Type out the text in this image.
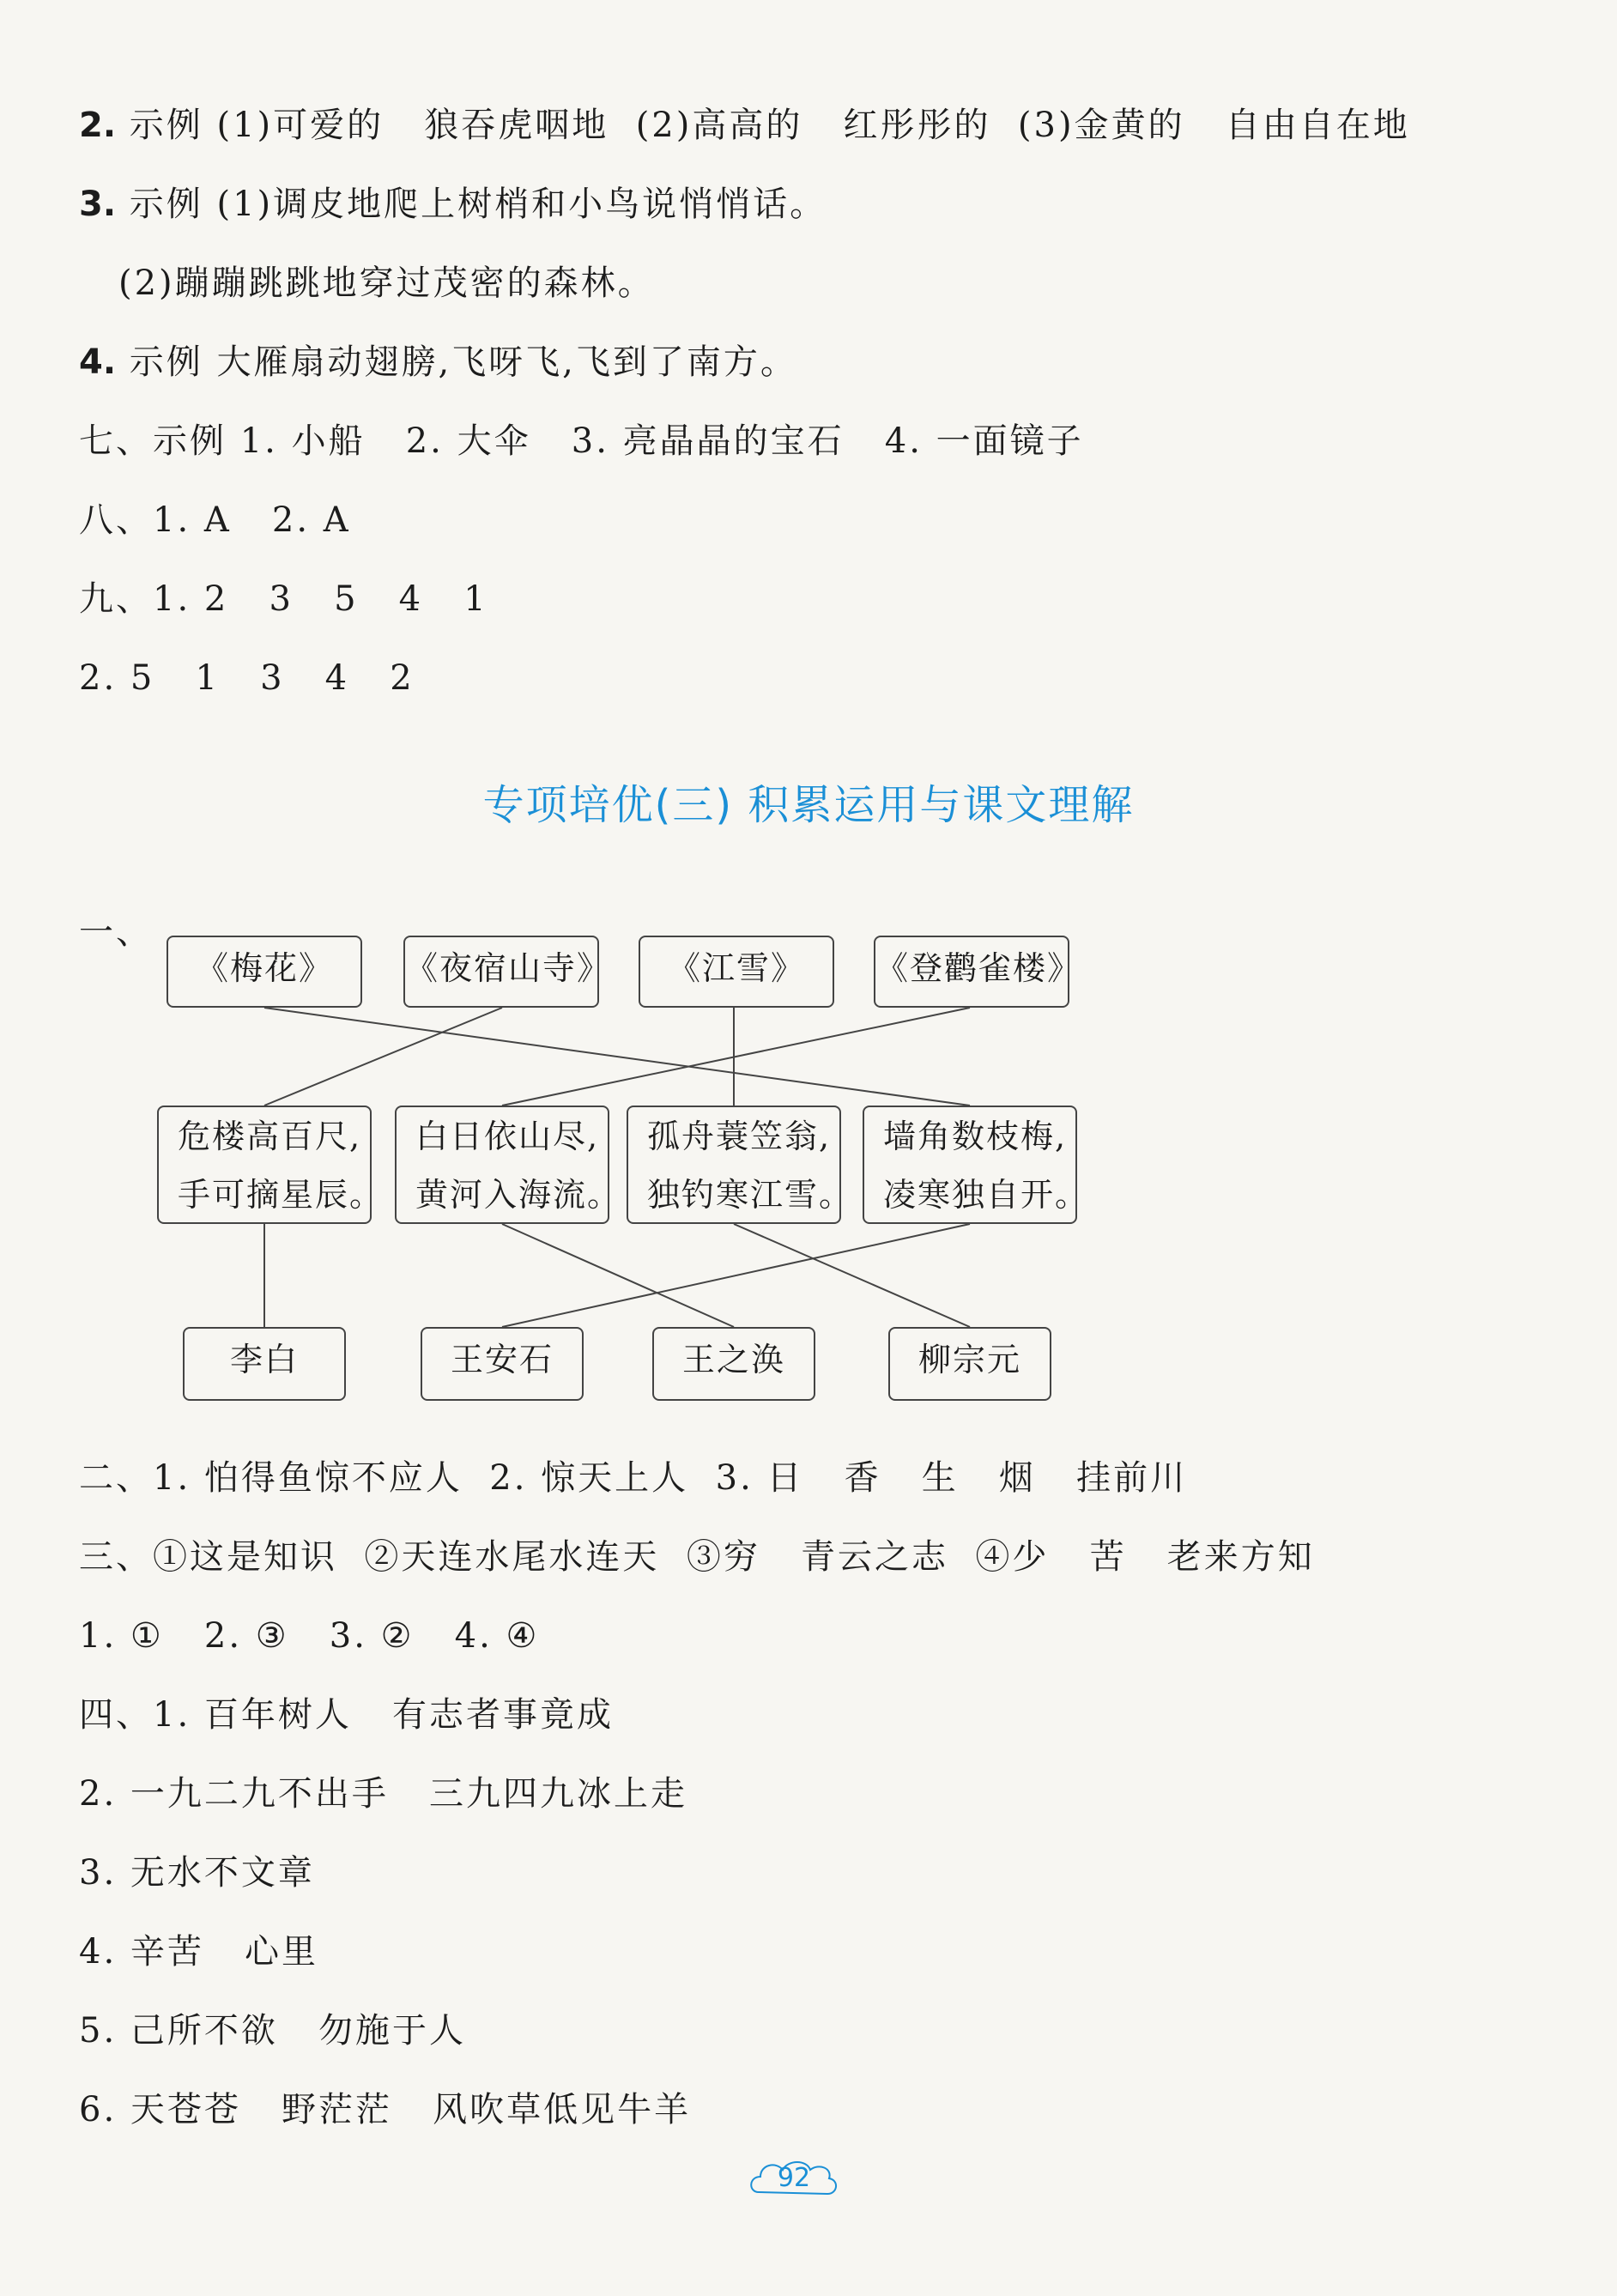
2. 示例 (1)可爱的   狼吞虎咽地  (2)高高的   红彤彤的  (3)金黄的   自由自在地
3. 示例 (1)调皮地爬上树梢和小鸟说悄悄话。
(2)蹦蹦跳跳地穿过茂密的森林。
4. 示例 大雁扇动翅膀,飞呀飞,飞到了南方。
七、示例 1. 小船   2. 大伞   3. 亮晶晶的宝石   4. 一面镜子
八、1. A   2. A
九、1. 2   3   5   4   1
2. 5   1   3   4   2
专项培优(三) 积累运用与课文理解
一、
《梅花》	《夜宿山寺》	《江雪》	《登鹳雀楼》
危楼高百尺,
手可摘星辰。
白日依山尽,
黄河入海流。
孤舟蓑笠翁,
独钓寒江雪。
墙角数枝梅,
凌寒独自开。
李白	王安石	王之涣	柳宗元
二、1. 怕得鱼惊不应人  2. 惊天上人  3. 日   香   生   烟   挂前川
三、①这是知识  ②天连水尾水连天  ③穷   青云之志  ④少   苦   老来方知
1. ①   2. ③   3. ②   4. ④
四、1. 百年树人   有志者事竟成
2. 一九二九不出手   三九四九冰上走
3. 无水不文章
4. 辛苦   心里
5. 己所不欲   勿施于人
6. 天苍苍   野茫茫   风吹草低见牛羊
92
